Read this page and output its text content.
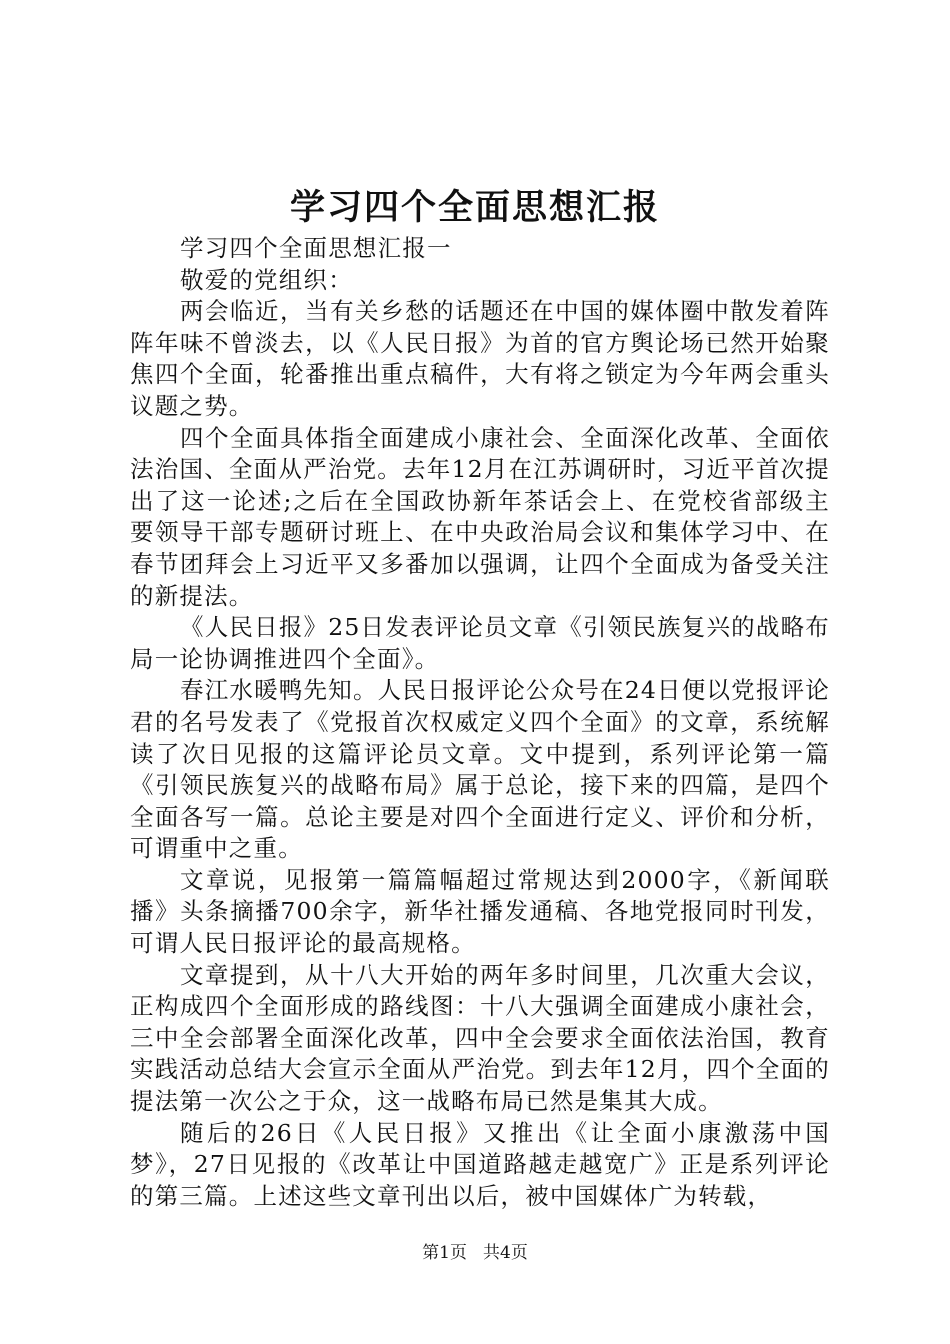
学习四个全面思想汇报

学习四个全面思想汇报一

敬爱的党组织：

两会临近，当有关乡愁的话题还在中国的媒体圈中散发着阵阵年味不曾淡去，以《人民日报》为首的官方舆论场已然开始聚焦四个全面，轮番推出重点稿件，大有将之锁定为今年两会重头议题之势。

四个全面具体指全面建成小康社会、全面深化改革、全面依法治国、全面从严治党。去年12月在江苏调研时，习近平首次提出了这一论述;之后在全国政协新年茶话会上、在党校省部级主要领导干部专题研讨班上、在中央政治局会议和集体学习中、在春节团拜会上习近平又多番加以强调，让四个全面成为备受关注的新提法。

《人民日报》25日发表评论员文章《引领民族复兴的战略布局一论协调推进四个全面》。

春江水暖鸭先知。人民日报评论公众号在24日便以党报评论君的名号发表了《党报首次权威定义四个全面》的文章，系统解读了次日见报的这篇评论员文章。文中提到，系列评论第一篇《引领民族复兴的战略布局》属于总论，接下来的四篇，是四个全面各写一篇。总论主要是对四个全面进行定义、评价和分析，可谓重中之重。

文章说，见报第一篇篇幅超过常规达到2000字，《新闻联播》头条摘播700余字，新华社播发通稿、各地党报同时刊发，可谓人民日报评论的最高规格。

文章提到，从十八大开始的两年多时间里，几次重大会议，正构成四个全面形成的路线图：十八大强调全面建成小康社会，三中全会部署全面深化改革，四中全会要求全面依法治国，教育实践活动总结大会宣示全面从严治党。到去年12月，四个全面的提法第一次公之于众，这一战略布局已然是集其大成。

随后的26日《人民日报》又推出《让全面小康激荡中国梦》，27日见报的《改革让中国道路越走越宽广》正是系列评论的第三篇。上述这些文章刊出以后，被中国媒体广为转载，

第1页 共4页
